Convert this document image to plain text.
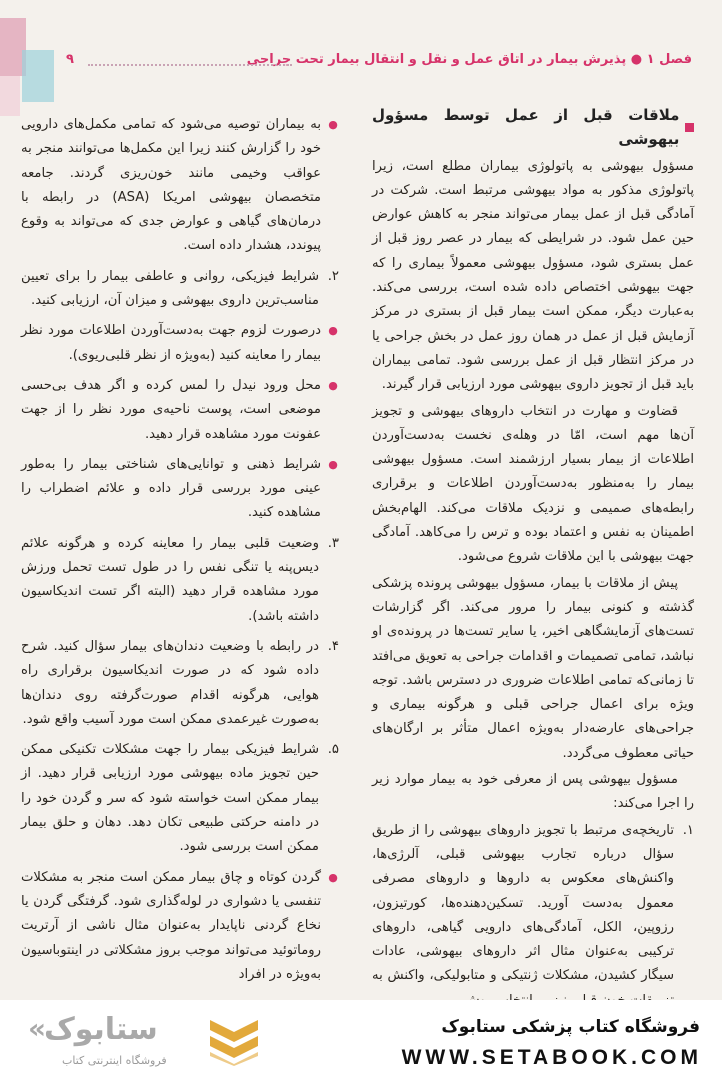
فصل ۱ ● پذیرش بیمار در اتاق عمل و نقل و انتقال بیمار تحت جراحی
۹
ملاقات قبل از عمل توسط مسؤول بیهوشی

مسؤول بیهوشی به پاتولوژی بیماران مطلع است، زیرا پاتولوژی مذکور به مواد بیهوشی مرتبط است. شرکت در آمادگی قبل از عمل بیمار می‌تواند منجر به کاهش عوارض حین عمل شود. در شرایطی که بیمار در عصر روز قبل از عمل بستری شود، مسؤول بیهوشی معمولاً بیماری را که جهت بیهوشی اختصاص داده شده است، بررسی می‌کند. به‌عبارت دیگر، ممکن است بیمار قبل از بستری در مرکز آزمایش قبل از عمل در همان روز عمل در بخش جراحی یا در مرکز انتظار قبل از عمل بررسی شود. تمامی بیماران باید قبل از تجویز داروی بیهوشی مورد ارزیابی قرار گیرند.

قضاوت و مهارت در انتخاب داروهای بیهوشی و تجویز آن‌ها مهم است، امّا در وهله‌ی نخست به‌دست‌آوردن اطلاعات از بیمار بسیار ارزشمند است. مسؤول بیهوشی بیمار را به‌منظور به‌دست‌آوردن اطلاعات و برقراری رابطه‌های صمیمی و نزدیک ملاقات می‌کند. الهام‌بخش اطمینان به نفس و اعتماد بوده و ترس را می‌کاهد. آمادگی جهت بیهوشی با این ملاقات شروع می‌شود.

پیش از ملاقات با بیمار، مسؤول بیهوشی پرونده پزشکی گذشته و کنونی بیمار را مرور می‌کند. اگر گزارشات تست‌های آزمایشگاهی اخیر، یا سایر تست‌ها در پرونده‌ی او نباشد، تمامی تصمیمات و اقدامات جراحی به تعویق می‌افتد تا زمانی‌که تمامی اطلاعات ضروری در دسترس باشد. توجه ویژه برای اعمال جراحی قبلی و هرگونه بیماری و جراحی‌های عارضه‌دار به‌ویژه اعمال متأثر بر ارگان‌های حیاتی معطوف می‌گردد.

مسؤول بیهوشی پس از معرفی خود به بیمار موارد زیر را اجرا می‌کند:

۱.
تاریخچه‌ی مرتبط با تجویز داروهای بیهوشی را از طریق سؤال درباره تجارب بیهوشی قبلی، آلرژی‌ها، واکنش‌های معکوس به داروها و داروهای مصرفی معمول به‌دست آورید. تسکین‌دهنده‌ها، کورتیزون، رزوپین، الکل، آمادگی‌های دارویی گیاهی، داروهای ترکیبی به‌عنوان مثال اثر داروهای بیهوشی، عادات سیگار کشیدن، مشکلات ژنتیکی و متابولیکی، واکنش به
●
به بیماران توصیه می‌شود که تمامی مکمل‌های دارویی خود را گزارش کنند زیرا این مکمل‌ها می‌توانند منجر به عواقب وخیمی مانند خون‌ریزی گردند. جامعه متخصصان بیهوشی امریکا (ASA) در رابطه با درمان‌های گیاهی و عوارض جدی که می‌تواند به وقوع پیوندد، هشدار داده است.
۲.
شرایط فیزیکی، روانی و عاطفی بیمار را برای تعیین مناسب‌ترین داروی بیهوشی و میزان آن، ارزیابی کنید.
●
درصورت لزوم جهت به‌دست‌آوردن اطلاعات مورد نظر بیمار را معاینه کنید (به‌ویژه از نظر قلبی‌ریوی).
●
محل ورود نیدل را لمس کرده و اگر هدف بی‌حسی موضعی است، پوست ناحیه‌ی مورد نظر را از جهت عفونت مورد مشاهده قرار دهید.
●
شرایط ذهنی و توانایی‌های شناختی بیمار را به‌طور عینی مورد بررسی قرار داده و علائم اضطراب را مشاهده کنید.
۳.
وضعیت قلبی بیمار را معاینه کرده و هرگونه علائم دیس‌پنه یا تنگی نفس را در طول تست تحمل ورزش مورد مشاهده قرار دهید (البته اگر تست اندیکاسیون داشته باشد).
۴.
در رابطه با وضعیت دندان‌های بیمار سؤال کنید. شرح داده شود که در صورت اندیکاسیون برقراری راه هوایی، هرگونه اقدام صورت‌گرفته روی دندان‌ها به‌صورت غیرعمدی ممکن است مورد آسیب واقع شود.
۵.
شرایط فیزیکی بیمار را جهت مشکلات تکنیکی ممکن حین تجویز ماده بیهوشی مورد ارزیابی قرار دهید. از بیمار ممکن است خواسته شود که سر و گردن خود را در دامنه حرکتی طبیعی تکان دهد. دهان و حلق بیمار ممکن است بررسی شود.
●
گردن کوتاه و چاق بیمار ممکن است منجر به مشکلات تنفسی یا دشواری در لوله‌گذاری شود. گرفتگی گردن یا نخاع گردنی ناپایدار به‌عنوان مثال ناشی از آرتریت روماتوئید می‌تواند موجب بروز مشکلاتی در اینتوباسیون به‌ویژه در افراد
«
ستابوک
فروشگاه اینترنتی کتاب
فروشگاه کتاب پزشکی ستابوک
WWW.SETABOOK.COM
